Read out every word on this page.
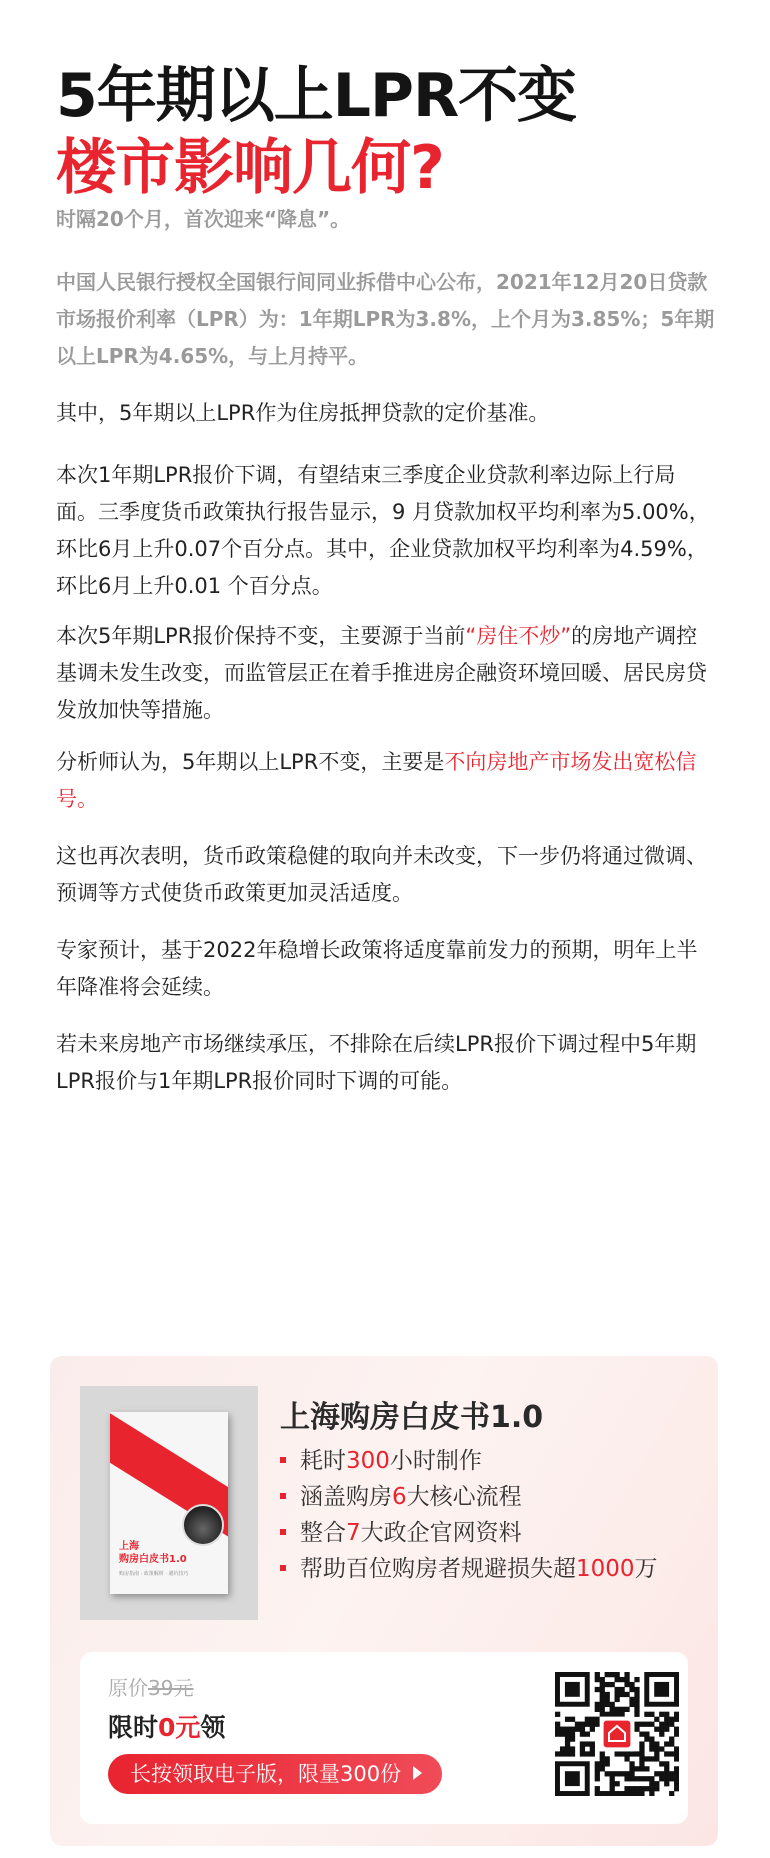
5年期以上LPR不变
楼市影响几何?
时隔20个月，首次迎来“降息”。
中国人民银行授权全国银行间同业拆借中心公布，2021年12月20日贷款市场报价利率（LPR）为：1年期LPR为3.8%，上个月为3.85%；5年期以上LPR为4.65%，与上月持平。
其中，5年期以上LPR作为住房抵押贷款的定价基准。
本次1年期LPR报价下调，有望结束三季度企业贷款利率边际上行局面。三季度货币政策执行报告显示，9 月贷款加权平均利率为5.00%，环比6月上升0.07个百分点。其中，企业贷款加权平均利率为4.59%，环比6月上升0.01 个百分点。
本次5年期LPR报价保持不变，主要源于当前“房住不炒”的房地产调控基调未发生改变，而监管层正在着手推进房企融资环境回暖、居民房贷发放加快等措施。
分析师认为，5年期以上LPR不变，主要是不向房地产市场发出宽松信号。
这也再次表明，货币政策稳健的取向并未改变，下一步仍将通过微调、预调等方式使货币政策更加灵活适度。
专家预计，基于2022年稳增长政策将适度靠前发力的预期，明年上半年降准将会延续。
若未来房地产市场继续承压，不排除在后续LPR报价下调过程中5年期LPR报价与1年期LPR报价同时下调的可能。
上海
购房白皮书1.0
购房指南 · 政策解析 · 避坑技巧
上海购房白皮书1.0
耗时300小时制作
涵盖购房6大核心流程
整合7大政企官网资料
帮助百位购房者规避损失超1000万
原价39元
限时0元领
长按领取电子版，限量300份
